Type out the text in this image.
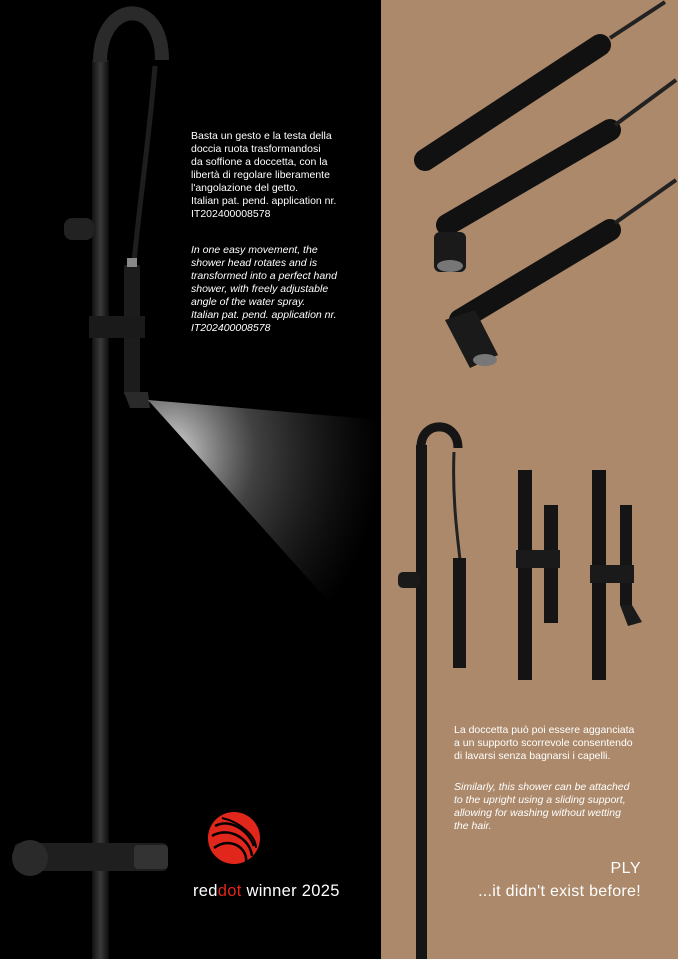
Basta un gesto e la testa della
doccia ruota trasformandosi
da soffione a doccetta, con la
libertà di regolare liberamente
l'angolazione del getto.
Italian pat. pend. application nr.
IT202400008578
In one easy movement, the
shower head rotates and is
transformed into a perfect hand
shower, with freely adjustable
angle of the water spray.
Italian pat. pend. application nr.
IT202400008578
La doccetta può poi essere agganciata
a un supporto scorrevole consentendo
di lavarsi senza bagnarsi i capelli.
Similarly, this shower can be attached
to the upright using a sliding support,
allowing for washing without wetting
the hair.
reddot winner 2025
PLY
...it didn't exist before!
